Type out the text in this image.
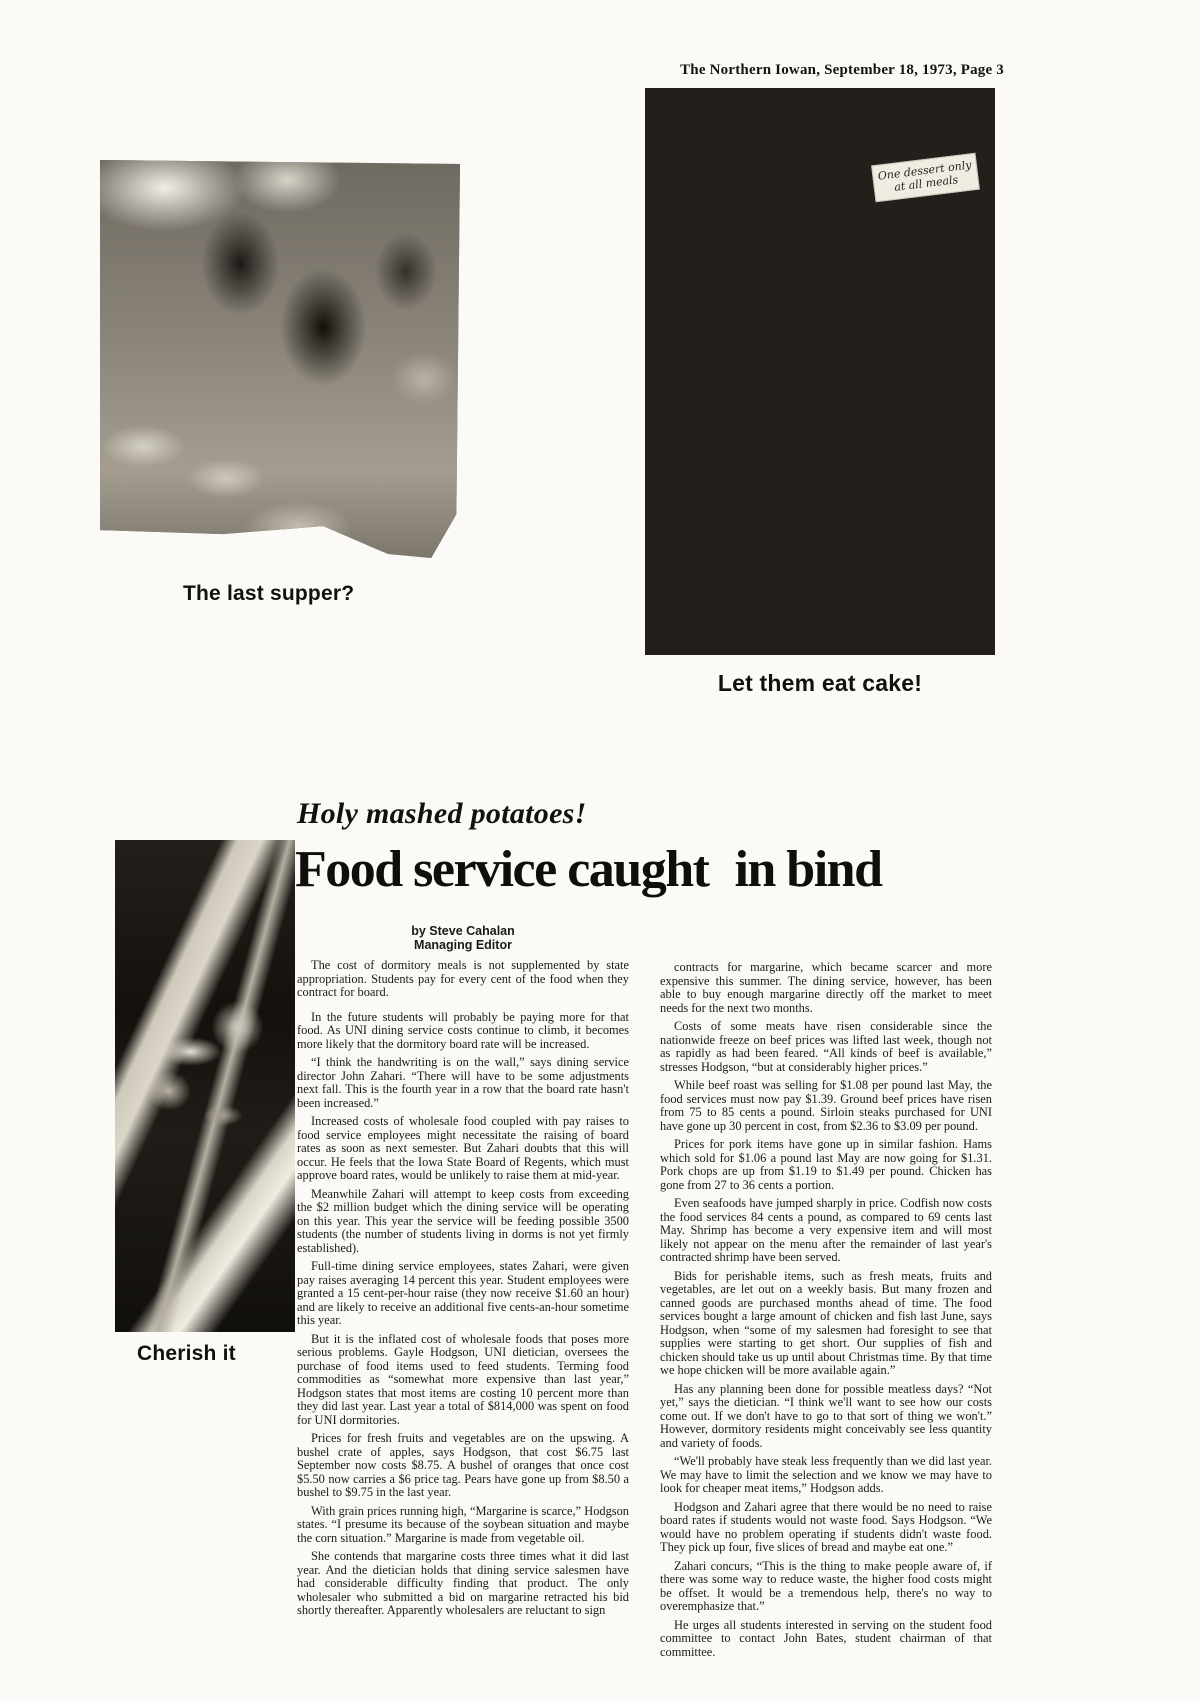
The Northern Iowan, September 18, 1973, Page 3
The last supper?
One dessert only at all meals
Let them eat cake!
Holy mashed potatoes!
Food service caught in bind
Cherish it
by Steve Cahalan
Managing Editor

The cost of dormitory meals is not supplemented by state appropriation. Students pay for every cent of the food when they contract for board.

In the future students will probably be paying more for that food. As UNI dining service costs continue to climb, it becomes more likely that the dormitory board rate will be increased.

“I think the handwriting is on the wall,” says dining service director John Zahari. “There will have to be some adjustments next fall. This is the fourth year in a row that the board rate hasn't been increased.”

Increased costs of wholesale food coupled with pay raises to food service employees might necessitate the raising of board rates as soon as next semester. But Zahari doubts that this will occur. He feels that the Iowa State Board of Regents, which must approve board rates, would be unlikely to raise them at mid-year.

Meanwhile Zahari will attempt to keep costs from exceeding the $2 million budget which the dining service will be operating on this year. This year the service will be feeding possible 3500 students (the number of students living in dorms is not yet firmly established).

Full-time dining service employees, states Zahari, were given pay raises averaging 14 percent this year. Student employees were granted a 15 cent-per-hour raise (they now receive $1.60 an hour) and are likely to receive an additional five cents-an-hour sometime this year.

But it is the inflated cost of wholesale foods that poses more serious problems. Gayle Hodgson, UNI dietician, oversees the purchase of food items used to feed students. Terming food commodities as “somewhat more expensive than last year,” Hodgson states that most items are costing 10 percent more than they did last year. Last year a total of $814,000 was spent on food for UNI dormitories.

Prices for fresh fruits and vegetables are on the upswing. A bushel crate of apples, says Hodgson, that cost $6.75 last September now costs $8.75. A bushel of oranges that once cost $5.50 now carries a $6 price tag. Pears have gone up from $8.50 a bushel to $9.75 in the last year.

With grain prices running high, “Margarine is scarce,” Hodgson states. “I presume its because of the soybean situation and maybe the corn situation.” Margarine is made from vegetable oil.

She contends that margarine costs three times what it did last year. And the dietician holds that dining service salesmen have had considerable difficulty finding that product. The only wholesaler who submitted a bid on margarine retracted his bid shortly thereafter. Apparently wholesalers are reluctant to sign

contracts for margarine, which became scarcer and more expensive this summer. The dining service, however, has been able to buy enough margarine directly off the market to meet needs for the next two months.

Costs of some meats have risen considerable since the nationwide freeze on beef prices was lifted last week, though not as rapidly as had been feared. “All kinds of beef is available,” stresses Hodgson, “but at considerably higher prices.”

While beef roast was selling for $1.08 per pound last May, the food services must now pay $1.39. Ground beef prices have risen from 75 to 85 cents a pound. Sirloin steaks purchased for UNI have gone up 30 percent in cost, from $2.36 to $3.09 per pound.

Prices for pork items have gone up in similar fashion. Hams which sold for $1.06 a pound last May are now going for $1.31. Pork chops are up from $1.19 to $1.49 per pound. Chicken has gone from 27 to 36 cents a portion.

Even seafoods have jumped sharply in price. Codfish now costs the food services 84 cents a pound, as compared to 69 cents last May. Shrimp has become a very expensive item and will most likely not appear on the menu after the remainder of last year's contracted shrimp have been served.

Bids for perishable items, such as fresh meats, fruits and vegetables, are let out on a weekly basis. But many frozen and canned goods are purchased months ahead of time. The food services bought a large amount of chicken and fish last June, says Hodgson, when “some of my salesmen had foresight to see that supplies were starting to get short. Our supplies of fish and chicken should take us up until about Christmas time. By that time we hope chicken will be more available again.”

Has any planning been done for possible meatless days? “Not yet,” says the dietician. “I think we'll want to see how our costs come out. If we don't have to go to that sort of thing we won't.” However, dormitory residents might conceivably see less quantity and variety of foods.

“We'll probably have steak less frequently than we did last year. We may have to limit the selection and we know we may have to look for cheaper meat items,” Hodgson adds.

Hodgson and Zahari agree that there would be no need to raise board rates if students would not waste food. Says Hodgson. “We would have no problem operating if students didn't waste food. They pick up four, five slices of bread and maybe eat one.”

Zahari concurs, “This is the thing to make people aware of, if there was some way to reduce waste, the higher food costs might be offset. It would be a tremendous help, there's no way to overemphasize that.”

He urges all students interested in serving on the student food committee to contact John Bates, student chairman of that committee.
